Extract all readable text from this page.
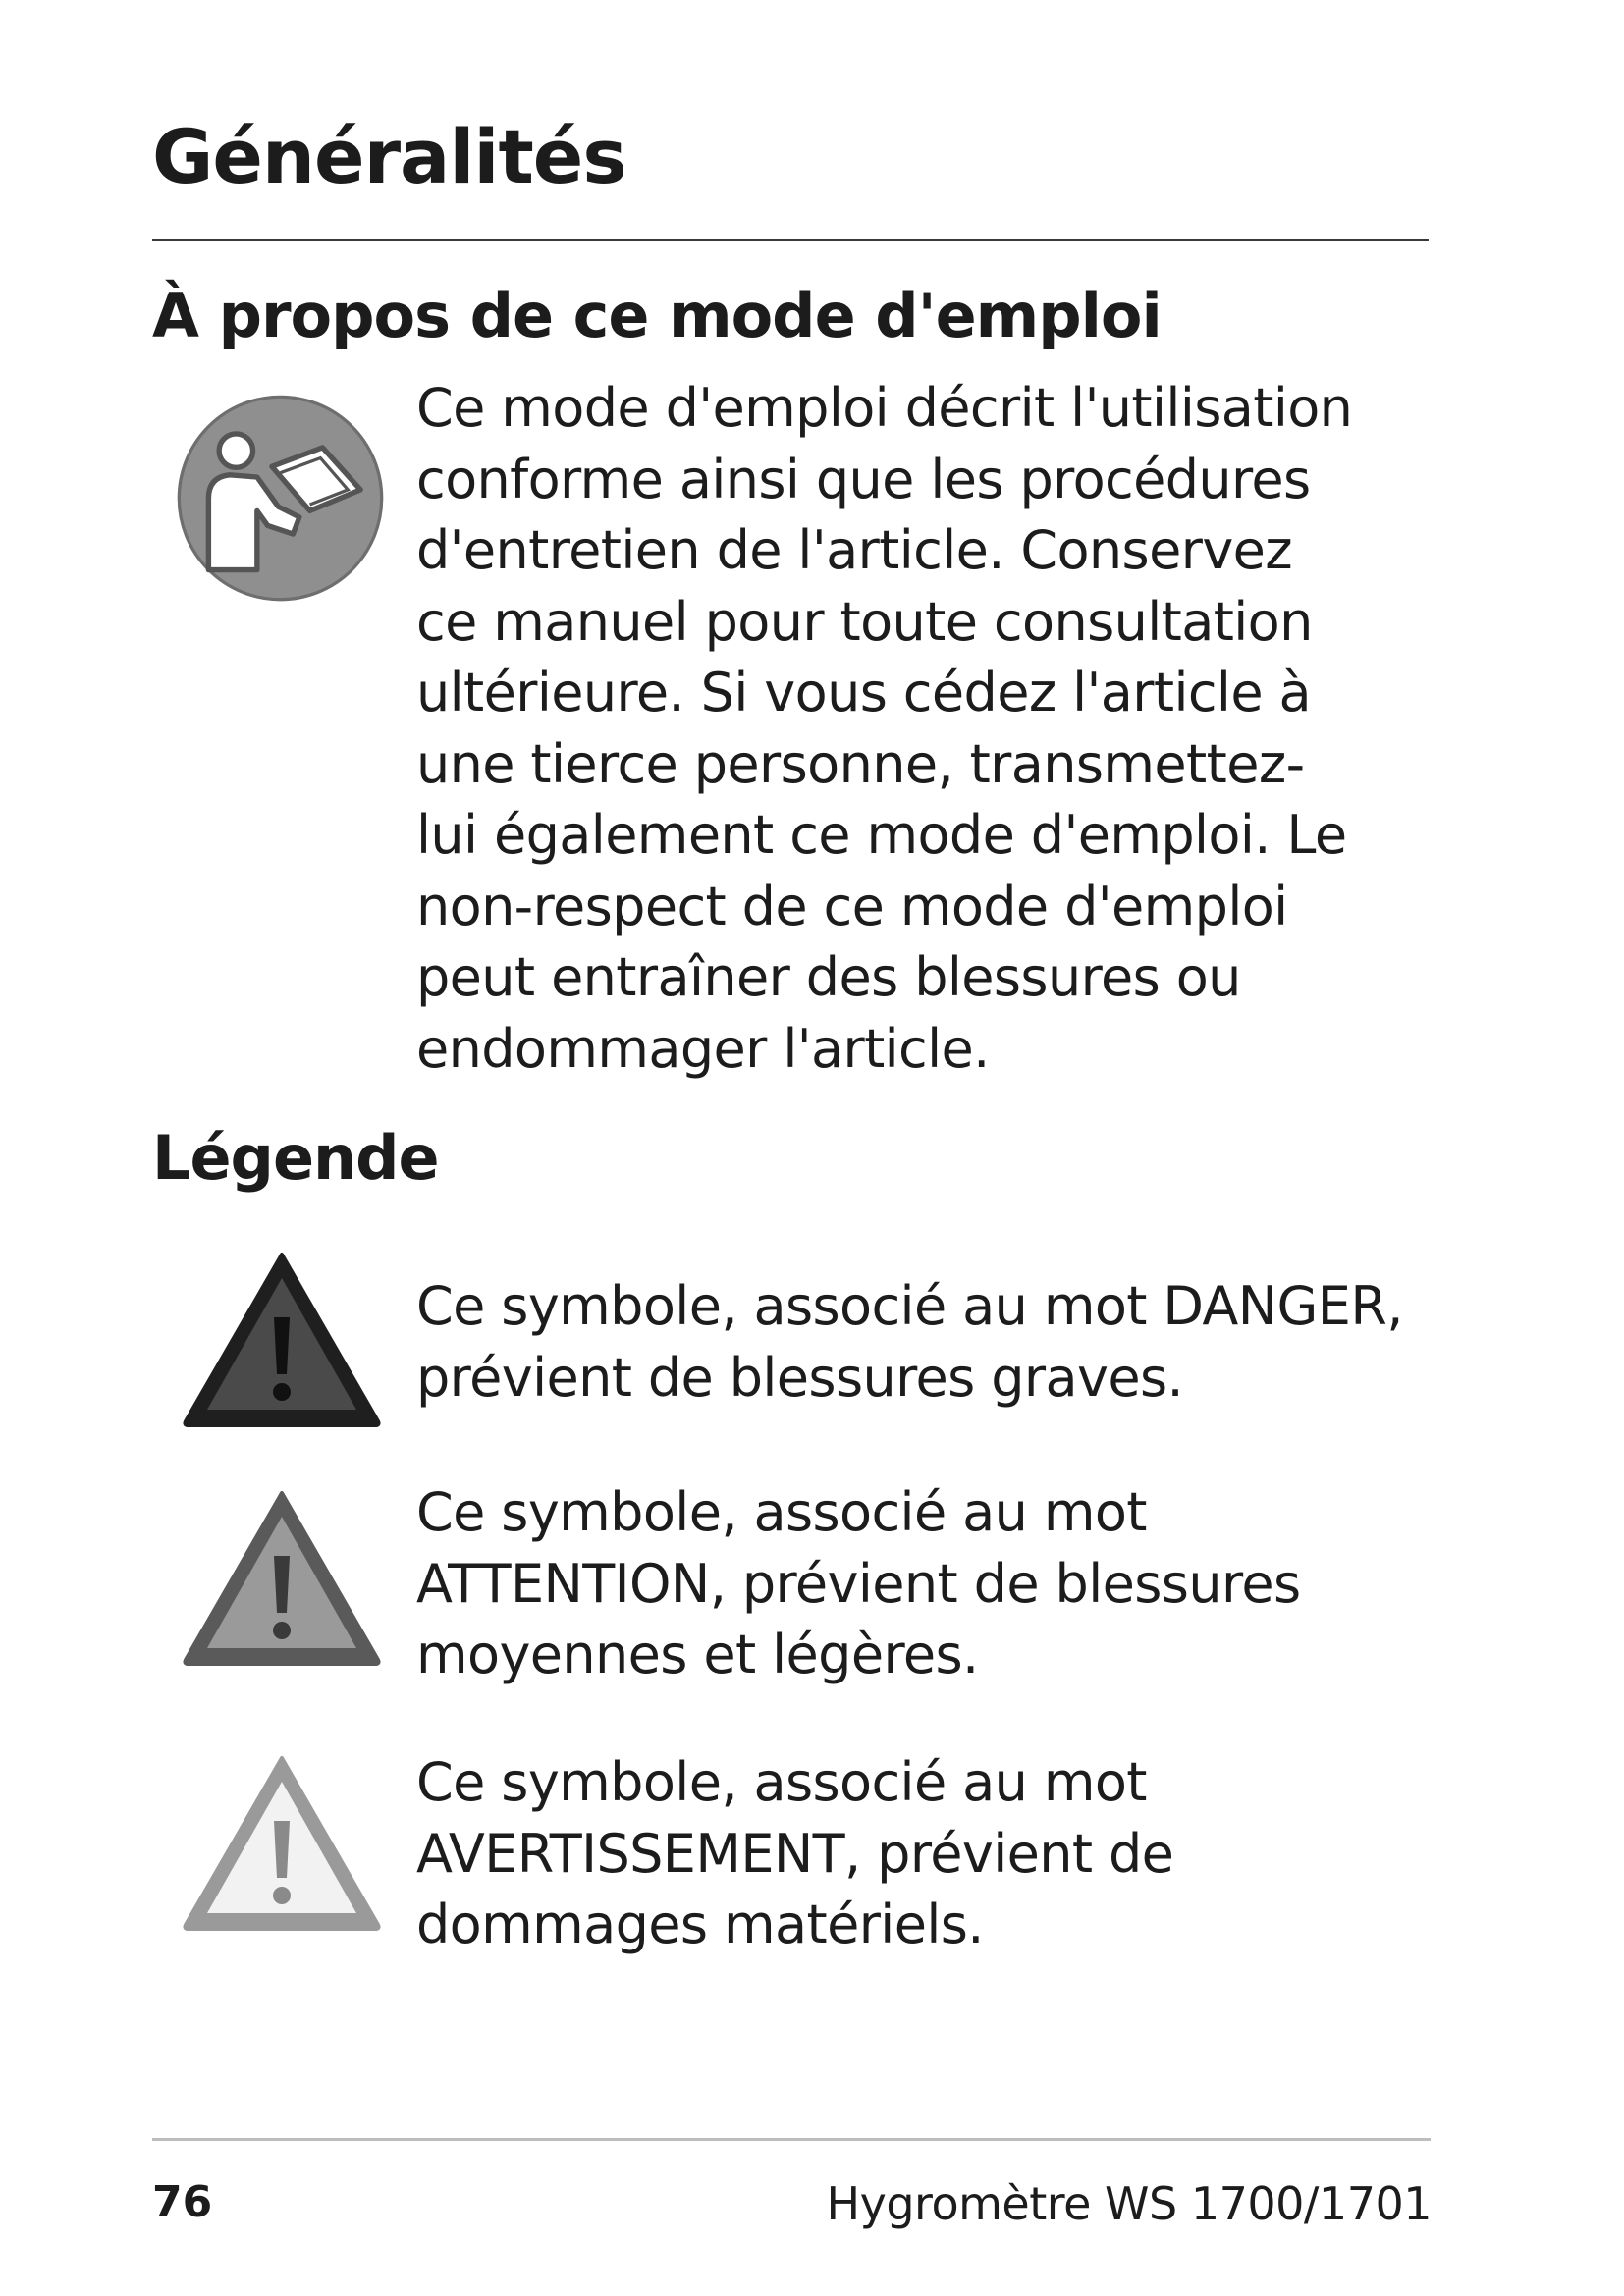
Généralités
À propos de ce mode d'emploi

Ce mode d'emploi décrit l'utilisation
conforme ainsi que les procédures
d'entretien de l'article. Conservez
ce manuel pour toute consultation
ultérieure. Si vous cédez l'article à
une tierce personne, transmettez-
lui également ce mode d'emploi. Le
non-respect de ce mode d'emploi
peut entraîner des blessures ou
endommager l'article.

Légende

Ce symbole, associé au mot DANGER,
prévient de blessures graves.

Ce symbole, associé au mot
ATTENTION, prévient de blessures
moyennes et légères.

Ce symbole, associé au mot
AVERTISSEMENT, prévient de
dommages matériels.

76	Hygromètre WS 1700/1701
